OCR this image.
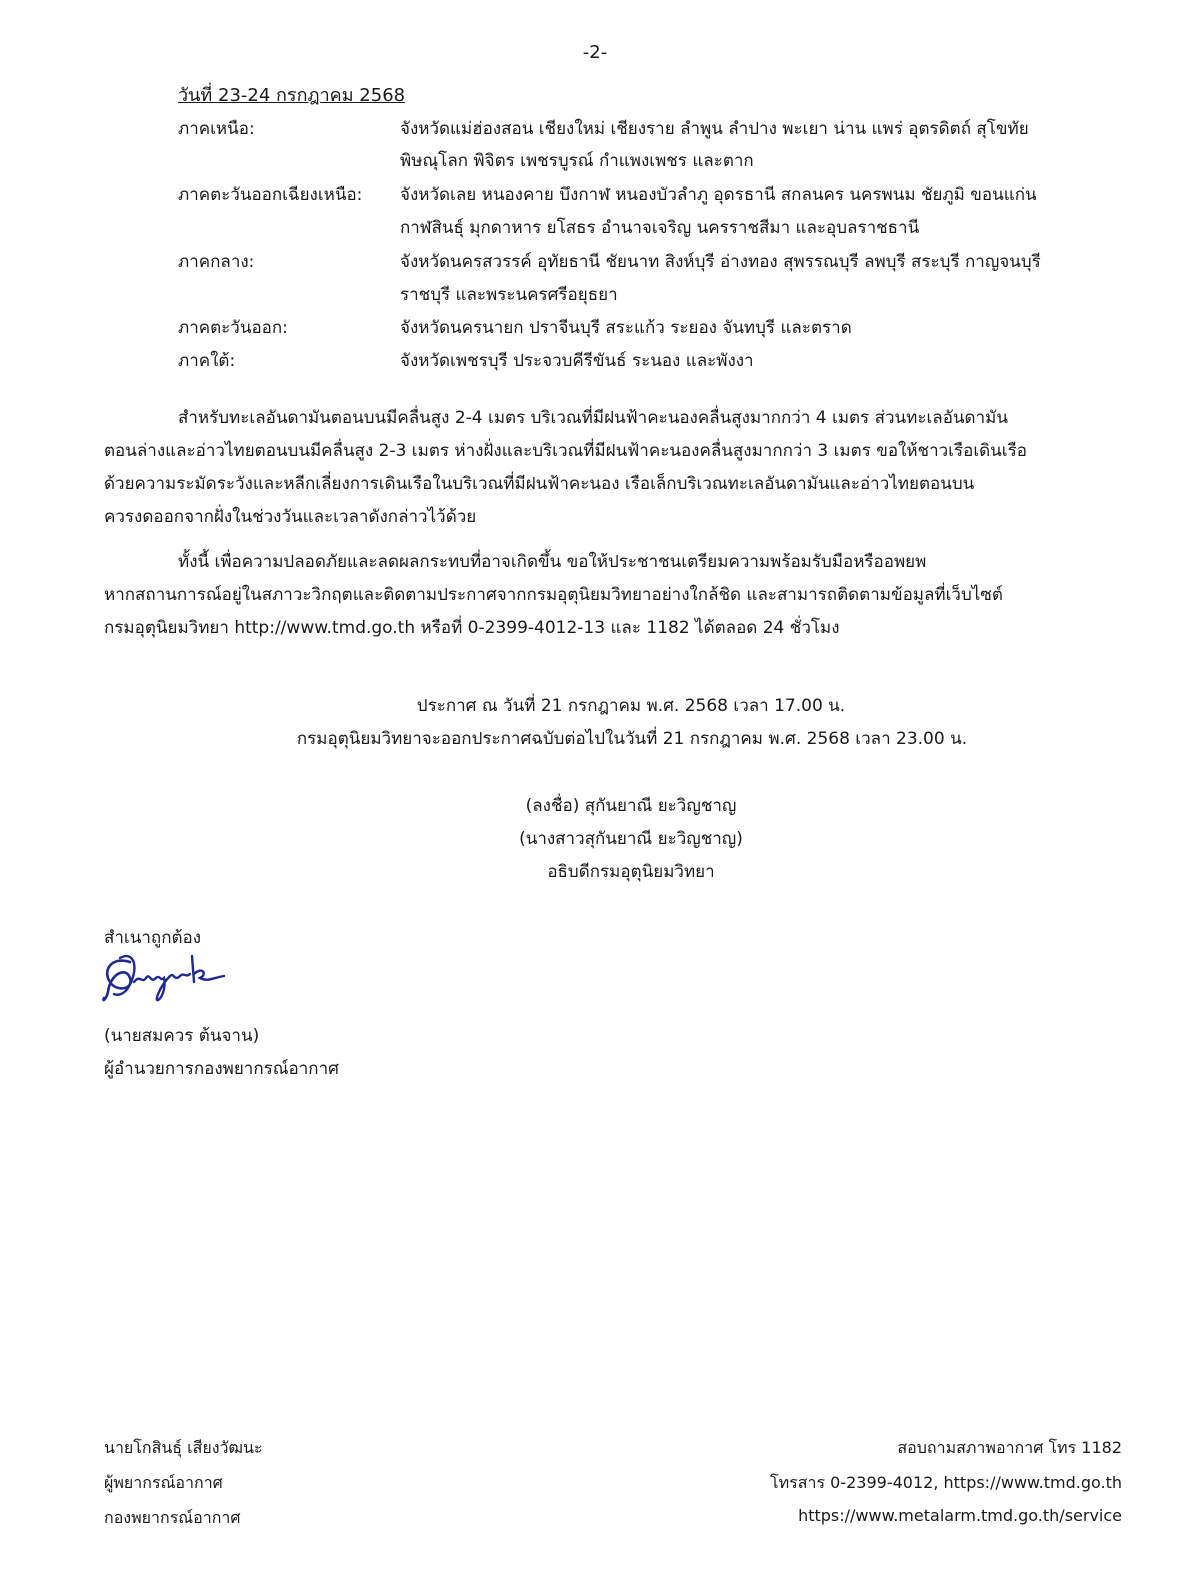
-2-
วันที่ 23-24 กรกฎาคม 2568
ภาคเหนือ:	จังหวัดแม่ฮ่องสอน เชียงใหม่ เชียงราย ลำพูน ลำปาง พะเยา น่าน แพร่ อุตรดิตถ์ สุโขทัย
พิษณุโลก พิจิตร เพชรบูรณ์ กำแพงเพชร และตาก
ภาคตะวันออกเฉียงเหนือ: จังหวัดเลย หนองคาย บึงกาฬ หนองบัวลำภู อุดรธานี สกลนคร นครพนม ชัยภูมิ ขอนแก่น
กาฬสินธุ์ มุกดาหาร ยโสธร อำนาจเจริญ นครราชสีมา และอุบลราชธานี
ภาคกลาง:	จังหวัดนครสวรรค์ อุทัยธานี ชัยนาท สิงห์บุรี อ่างทอง สุพรรณบุรี ลพบุรี สระบุรี กาญจนบุรี
ราชบุรี และพระนครศรีอยุธยา
ภาคตะวันออก:	จังหวัดนครนายก ปราจีนบุรี สระแก้ว ระยอง จันทบุรี และตราด
ภาคใต้:	จังหวัดเพชรบุรี ประจวบคีรีขันธ์ ระนอง และพังงา
สำหรับทะเลอันดามันตอนบนมีคลื่นสูง 2-4 เมตร บริเวณที่มีฝนฟ้าคะนองคลื่นสูงมากกว่า 4 เมตร ส่วนทะเลอันดามัน
ตอนล่างและอ่าวไทยตอนบนมีคลื่นสูง 2-3 เมตร ห่างฝั่งและบริเวณที่มีฝนฟ้าคะนองคลื่นสูงมากกว่า 3 เมตร ขอให้ชาวเรือเดินเรือ
ด้วยความระมัดระวังและหลีกเลี่ยงการเดินเรือในบริเวณที่มีฝนฟ้าคะนอง เรือเล็กบริเวณทะเลอันดามันและอ่าวไทยตอนบน
ควรงดออกจากฝั่งในช่วงวันและเวลาดังกล่าวไว้ด้วย
ทั้งนี้ เพื่อความปลอดภัยและลดผลกระทบที่อาจเกิดขึ้น ขอให้ประชาชนเตรียมความพร้อมรับมือหรืออพยพ
หากสถานการณ์อยู่ในสภาวะวิกฤตและติดตามประกาศจากกรมอุตุนิยมวิทยาอย่างใกล้ชิด และสามารถติดตามข้อมูลที่เว็บไซต์
กรมอุตุนิยมวิทยา http://www.tmd.go.th หรือที่ 0-2399-4012-13 และ 1182 ได้ตลอด 24 ชั่วโมง
ประกาศ ณ วันที่ 21 กรกฎาคม พ.ศ. 2568 เวลา 17.00 น.
กรมอุตุนิยมวิทยาจะออกประกาศฉบับต่อไปในวันที่ 21 กรกฎาคม พ.ศ. 2568 เวลา 23.00 น.
(ลงชื่อ) สุกันยาณี ยะวิญชาญ
(นางสาวสุกันยาณี ยะวิญชาญ)
อธิบดีกรมอุตุนิยมวิทยา
สำเนาถูกต้อง
(นายสมควร ต้นจาน)
ผู้อำนวยการกองพยากรณ์อากาศ
นายโกสินธุ์ เสียงวัฒนะ
ผู้พยากรณ์อากาศ
กองพยากรณ์อากาศ
สอบถามสภาพอากาศ โทร 1182
โทรสาร 0-2399-4012, https://www.tmd.go.th
https://www.metalarm.tmd.go.th/service
